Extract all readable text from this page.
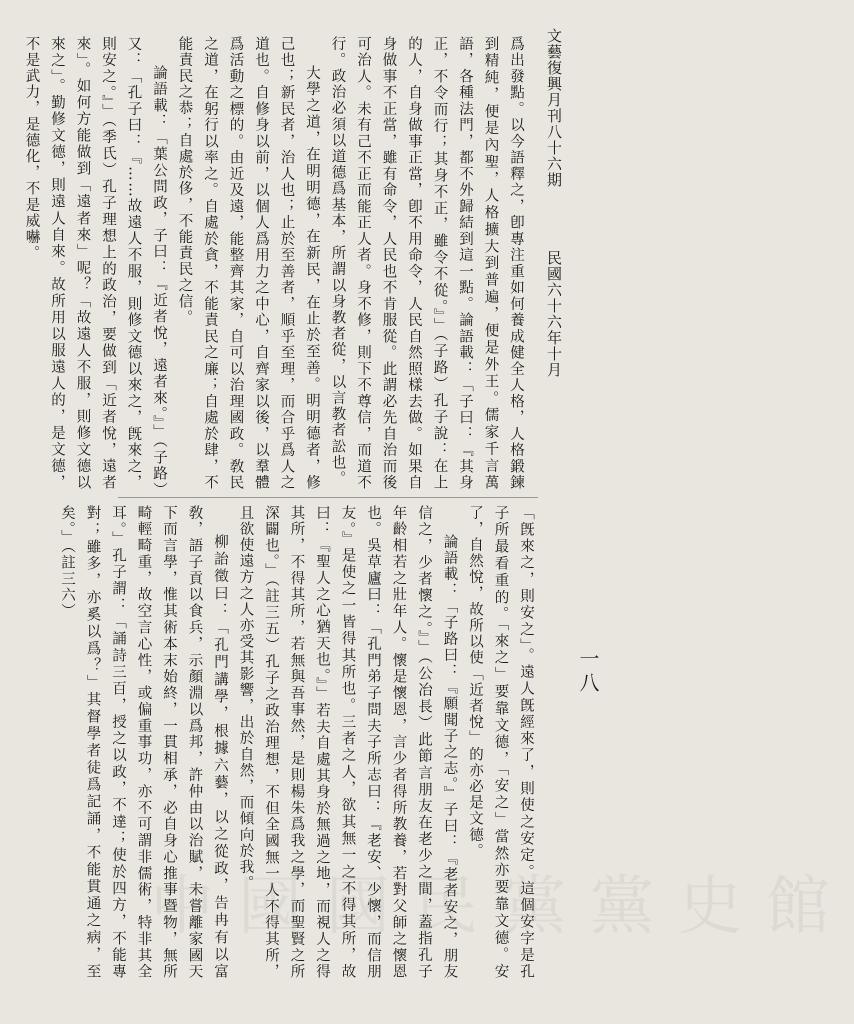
文藝復興月刊八十六期
民國六十六年十月
一八

爲出發點。以今語釋之，卽專注重如何養成健全人格，人格鍛鍊到精純，便是內聖，人格擴大到普遍，便是外王。儒家千言萬語，各種法門，都不外歸結到這一點。論語載：「子曰：『其身正，不令而行；其身不正，雖令不從。』」（子路）孔子說：在上的人，自身做事正當，卽不用命令，人民自然照樣去做。如果自身做事不正當，雖有命令，人民也不肯服從。此謂必先自治而後可治人。未有己不正而能正人者。身不修，則下不尊信，而道不行。政治必須以道德爲基本，所謂以身教者從，以言教者訟也。

大學之道，在明明德，在新民，在止於至善。明明德者，修己也；新民者，治人也；止於至善者，順乎至理，而合乎爲人之道也。自修身以前，以個人爲用力之中心，自齊家以後，以羣體爲活動之標的。由近及遠，能整齊其家，自可以治理國政。敎民之道，在躬行以率之。自處於貪，不能責民之廉；自處於肆，不能責民之恭；自處於侈，不能責民之信。

論語載：「葉公問政，子曰：『近者悅，遠者來。』」（子路）又：「孔子曰：『……故遠人不服，則修文德以來之，旣來之，則安之。』」（季氏）孔子理想上的政治，要做到「近者悅，遠者來」。如何方能做到「遠者來」呢？「故遠人不服，則修文德以來之」。勤修文德，則遠人自來。故所用以服遠人的，是文德，不是武力，是德化，不是威嚇。

「旣來之，則安之」。遠人旣經來了，則使之安定。這個安字是孔子所最看重的。「來之」要靠文德，「安之」當然亦要靠文德。安了，自然悅，故所以使「近者悅」的亦必是文德。

論語載：「子路曰：『願聞子之志。』子曰：『老者安之，朋友信之，少者懷之。』」（公冶長）此節言朋友在老少之間，蓋指孔子年齡相若之壯年人。懷是懷恩，言少者得所教養，若對父師之懷恩也。吳草廬曰：「孔門弟子問夫子所志曰：『老安、少懷，而信朋友。』是使之一皆得其所也。三者之人，欲其無一之不得其所，故曰：『聖人之心猶天也。』」若夫自處其身於無過之地，而視人之得其所，不得其所，若無與吾事然，是則楊朱爲我之學，而聖賢之所深闢也。」（註三五）孔子之政治理想，不但全國無一人不得其所，且欲使遠方之人亦受其影響，出於自然，而傾向於我。

柳詒徵曰：「孔門講學，根據六藝，以之從政，告冉有以富敎，語子貢以食兵，示顏淵以爲邦，許仲由以治賦，未嘗離家國天下而言學，惟其術本末始終，一貫相承，必自身心推事暨物，無所畸輕畸重，故空言心性，或偏重事功，亦不可謂非儒術，特非其全耳。」孔子謂：「誦詩三百，授之以政，不達；使於四方，不能專對；雖多，亦奚以爲？」其督學者徒爲記誦，不能貫通之病，至矣。」（註三六）

中國國民黨黨史館
